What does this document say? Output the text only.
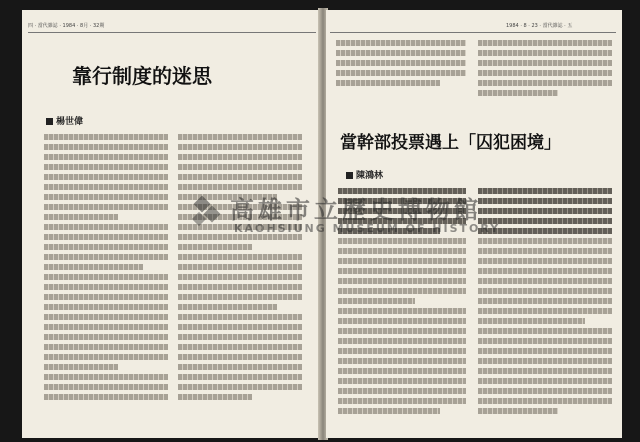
四 · 當代雜誌 · 1984 · 8月 · 32期
靠行制度的迷思
楊世偉
1984 · 8 · 23 · 當代雜誌 · 五
當幹部投票遇上「囚犯困境」
陳鴻林
高雄市立歷史博物館
KAOHSIUNG MUSEUM OF HISTORY
